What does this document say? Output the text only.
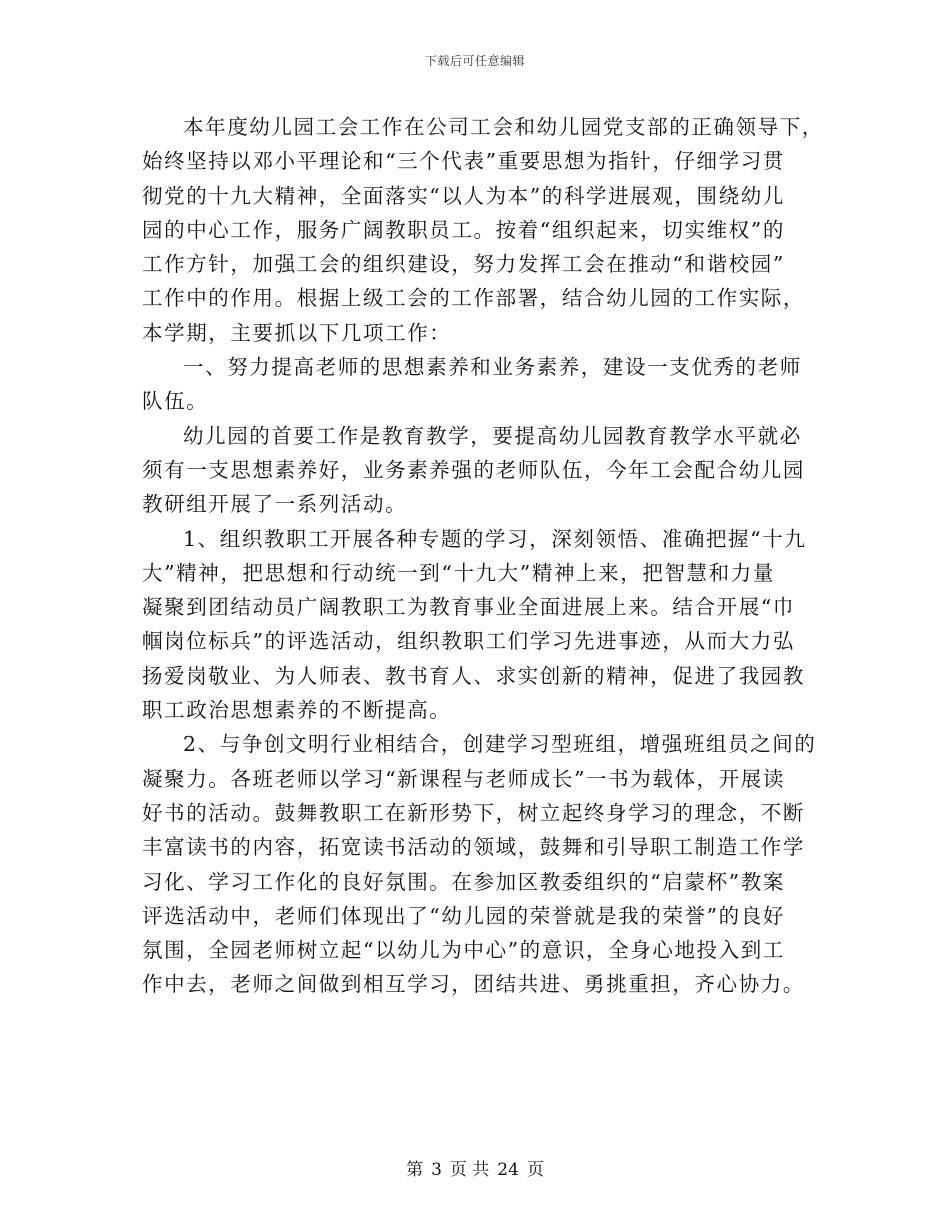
下载后可任意编辑

本年度幼儿园工会工作在公司工会和幼儿园党支部的正确领导下，
始终坚持以邓小平理论和“三个代表”重要思想为指针，仔细学习贯
彻党的十九大精神，全面落实“以人为本”的科学进展观，围绕幼儿
园的中心工作，服务广阔教职员工。按着“组织起来，切实维权”的
工作方针，加强工会的组织建设，努力发挥工会在推动“和谐校园”
工作中的作用。根据上级工会的工作部署，结合幼儿园的工作实际，
本学期，主要抓以下几项工作：

一、努力提高老师的思想素养和业务素养，建设一支优秀的老师
队伍。

幼儿园的首要工作是教育教学，要提高幼儿园教育教学水平就必
须有一支思想素养好，业务素养强的老师队伍，今年工会配合幼儿园
教研组开展了一系列活动。

1、组织教职工开展各种专题的学习，深刻领悟、准确把握“十九
大”精神，把思想和行动统一到“十九大”精神上来，把智慧和力量
凝聚到团结动员广阔教职工为教育事业全面进展上来。结合开展“巾
帼岗位标兵”的评选活动，组织教职工们学习先进事迹，从而大力弘
扬爱岗敬业、为人师表、教书育人、求实创新的精神，促进了我园教
职工政治思想素养的不断提高。

2、与争创文明行业相结合，创建学习型班组，增强班组员之间的
凝聚力。各班老师以学习“新课程与老师成长”一书为载体，开展读
好书的活动。鼓舞教职工在新形势下，树立起终身学习的理念，不断
丰富读书的内容，拓宽读书活动的领域，鼓舞和引导职工制造工作学
习化、学习工作化的良好氛围。在参加区教委组织的“启蒙杯”教案
评选活动中，老师们体现出了“幼儿园的荣誉就是我的荣誉”的良好
氛围，全园老师树立起“以幼儿为中心”的意识，全身心地投入到工
作中去，老师之间做到相互学习，团结共进、勇挑重担，齐心协力。

第 3 页 共 24 页
